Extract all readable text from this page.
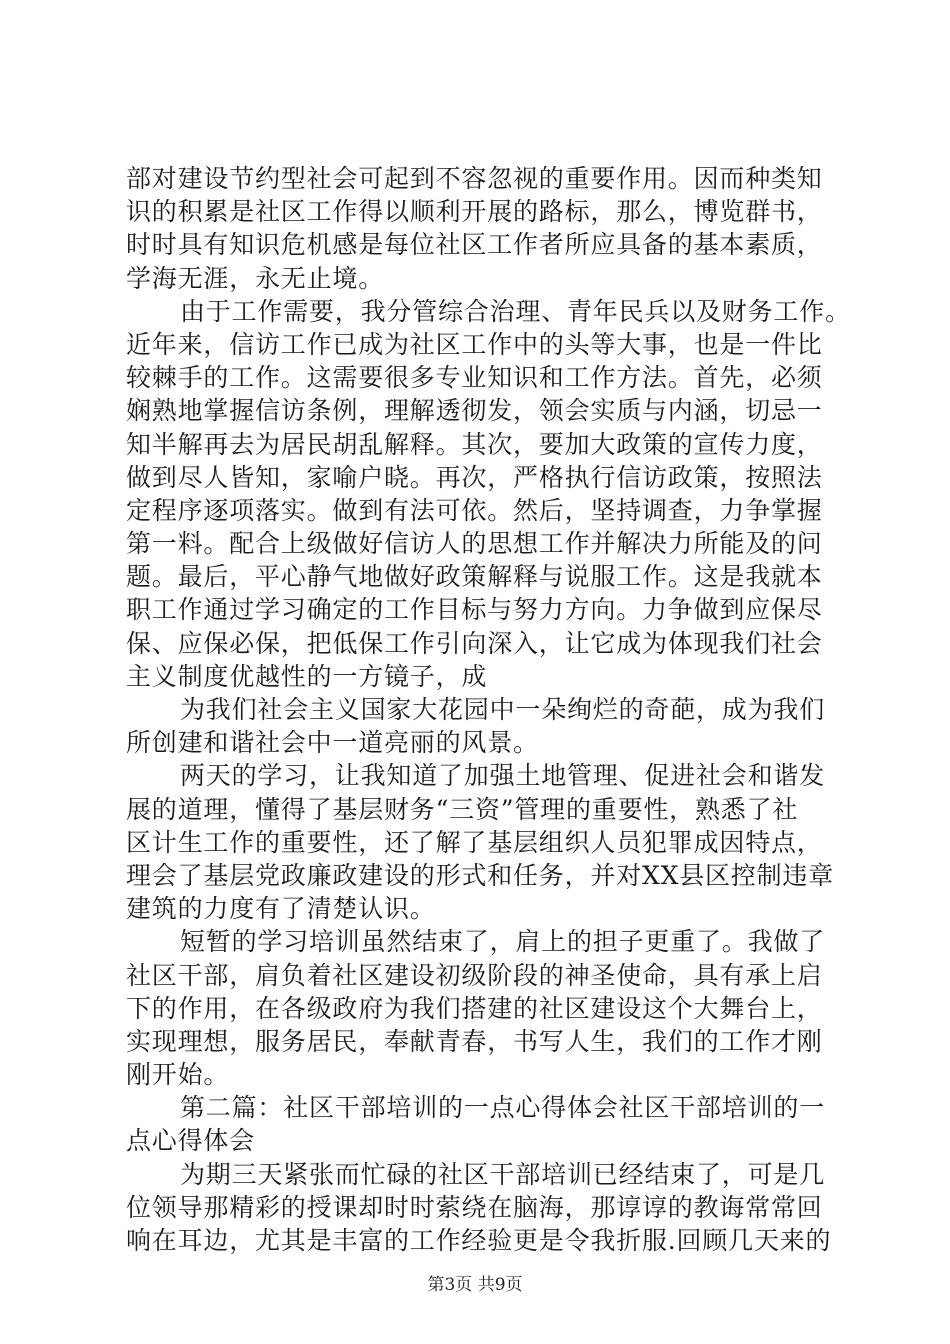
部对建设节约型社会可起到不容忽视的重要作用。因而种类知
识的积累是社区工作得以顺利开展的路标，那么，博览群书，
时时具有知识危机感是每位社区工作者所应具备的基本素质，
学海无涯，永无止境。
由于工作需要，我分管综合治理、青年民兵以及财务工作。
近年来，信访工作已成为社区工作中的头等大事，也是一件比
较棘手的工作。这需要很多专业知识和工作方法。首先，必须
娴熟地掌握信访条例，理解透彻发，领会实质与内涵，切忌一
知半解再去为居民胡乱解释。其次，要加大政策的宣传力度，
做到尽人皆知，家喻户晓。再次，严格执行信访政策，按照法
定程序逐项落实。做到有法可依。然后，坚持调查，力争掌握
第一料。配合上级做好信访人的思想工作并解决力所能及的问
题。最后，平心静气地做好政策解释与说服工作。这是我就本
职工作通过学习确定的工作目标与努力方向。力争做到应保尽
保、应保必保，把低保工作引向深入，让它成为体现我们社会
主义制度优越性的一方镜子，成
为我们社会主义国家大花园中一朵绚烂的奇葩，成为我们
所创建和谐社会中一道亮丽的风景。
两天的学习，让我知道了加强土地管理、促进社会和谐发
展的道理，懂得了基层财务“三资”管理的重要性，熟悉了社
区计生工作的重要性，还了解了基层组织人员犯罪成因特点，
理会了基层党政廉政建设的形式和任务，并对XX县区控制违章
建筑的力度有了清楚认识。
短暂的学习培训虽然结束了，肩上的担子更重了。我做了
社区干部，肩负着社区建设初级阶段的神圣使命，具有承上启
下的作用，在各级政府为我们搭建的社区建设这个大舞台上，
实现理想，服务居民，奉献青春，书写人生，我们的工作才刚
刚开始。
第二篇：社区干部培训的一点心得体会社区干部培训的一
点心得体会
为期三天紧张而忙碌的社区干部培训已经结束了，可是几
位领导那精彩的授课却时时萦绕在脑海，那谆谆的教诲常常回
响在耳边，尤其是丰富的工作经验更是令我折服.回顾几天来的
第3页 共9页
